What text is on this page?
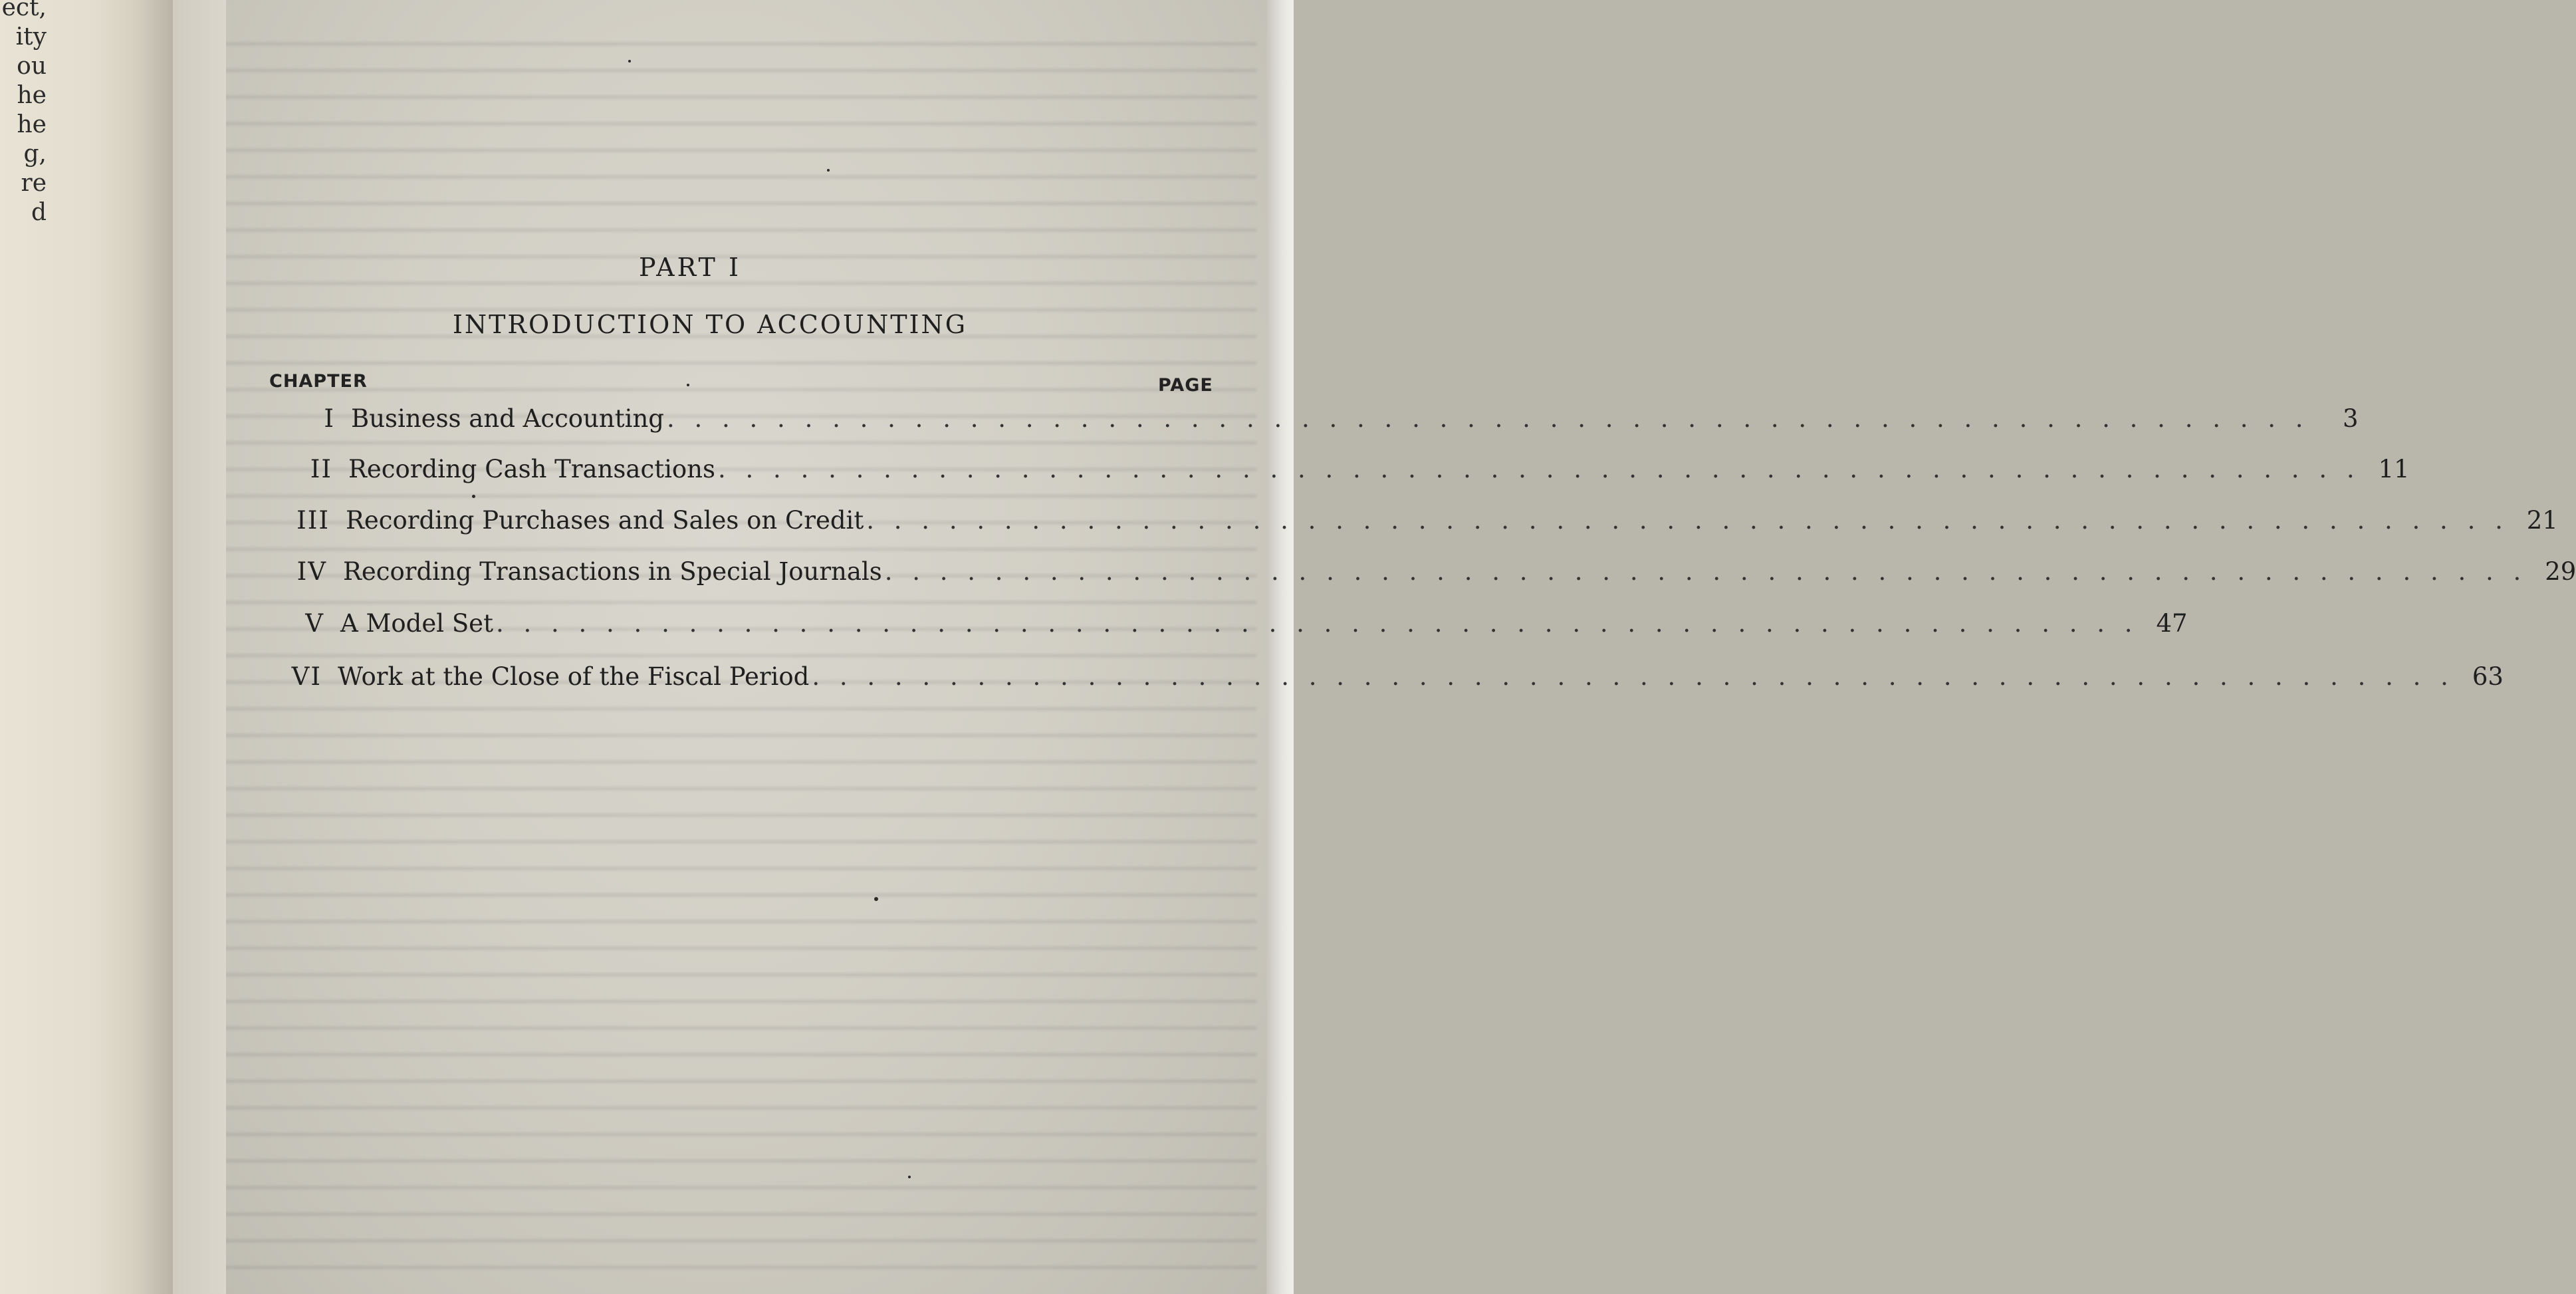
ect,
ity
ou
he
he
g,
re
d
PART I
INTRODUCTION TO ACCOUNTING
CHAPTER	PAGE
I Business and Accounting . . . . . . . . . . . . . . . . . . . . . . . . . . . . . . . . . . . . . . . . . . . . . . . . . . . . . . . . . . . .	3
II Recording Cash Transactions . . . . . . . . . . . . . . . . . . . . . . . . . . . . . . . . . . . . . . . . . . . . . . . . . . . . . . . . . . . . 11
III Recording Purchases and Sales on Credit . . . . . . . . . . . . . . . . . . . . . . . . . . . . . . . . . . . . . . . . . . . . . . . . . . . . . . . . . . . . 21
IV Recording Transactions in Special Journals . . . . . . . . . . . . . . . . . . . . . . . . . . . . . . . . . . . . . . . . . . . . . . . . . . . . . . . . . . . . 29
V A Model Set . . . . . . . . . . . . . . . . . . . . . . . . . . . . . . . . . . . . . . . . . . . . . . . . . . . . . . . . . . . . 47
VI Work at the Close of the Fiscal Period . . . . . . . . . . . . . . . . . . . . . . . . . . . . . . . . . . . . . . . . . . . . . . . . . . . . . . . . . . . . 63
